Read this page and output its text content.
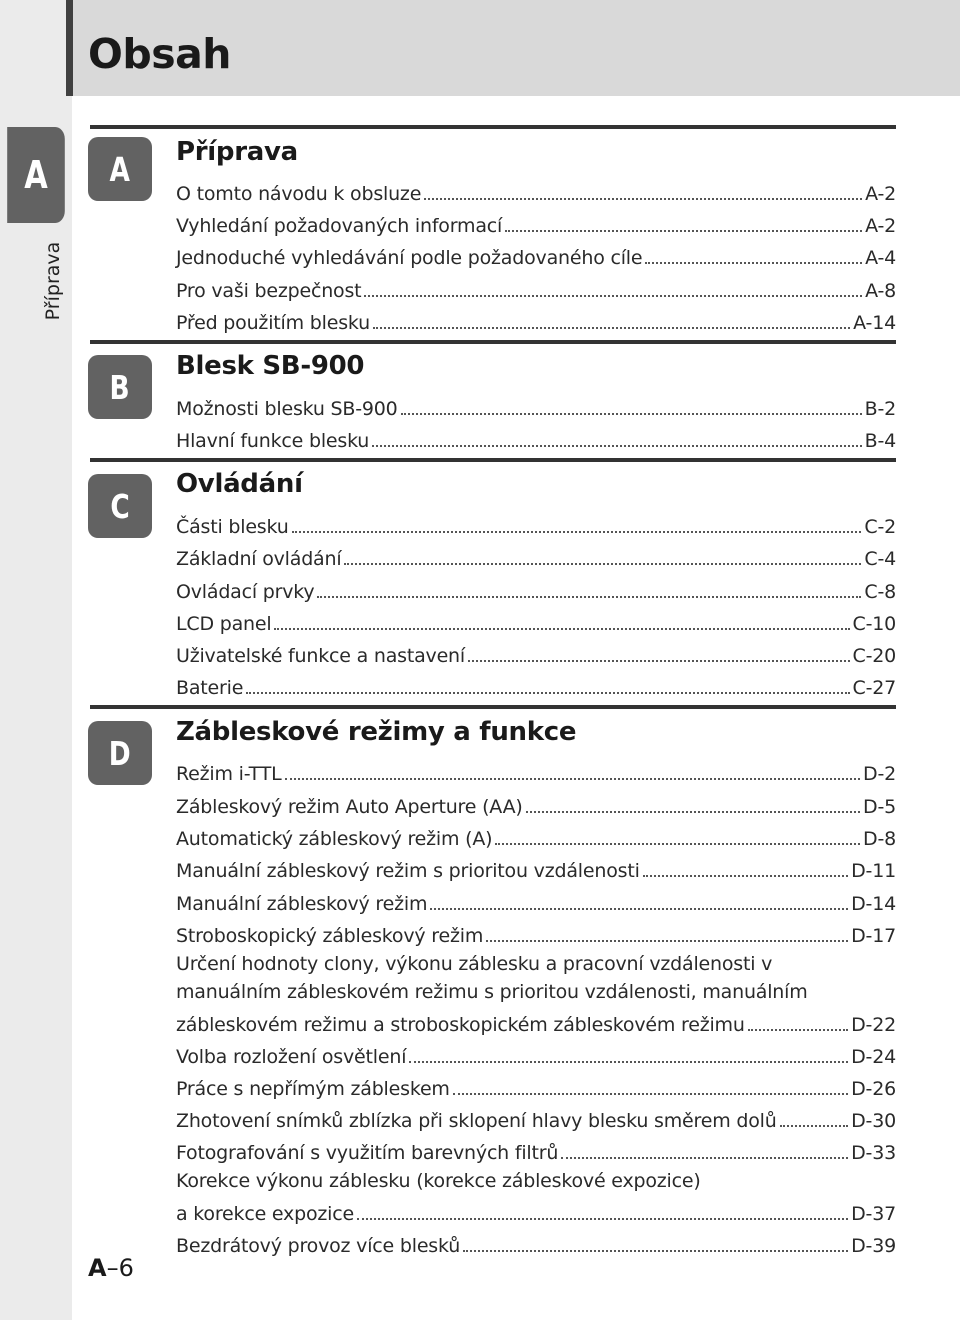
Obsah
A
Příprava
A Příprava
O tomto návodu k obsluze	A-2
Vyhledání požadovaných informací	A-2
Jednoduché vyhledávání podle požadovaného cíle	A-4
Pro vaši bezpečnost	A-8
Před použitím blesku	A-14
B
Blesk SB-900
Možnosti blesku SB-900	B-2
Hlavní funkce blesku	B-4
C
Ovládání
Části blesku	C-2
Základní ovládání	C-4
Ovládací prvky	C-8
LCD panel	C-10
Uživatelské funkce a nastavení	C-20
Baterie	C-27
D
Zábleskové režimy a funkce
Režim i-TTL	D-2
Zábleskový režim Auto Aperture (AA)	D-5
Automatický zábleskový režim (A)	D-8
Manuální zábleskový režim s prioritou vzdálenosti	D-11
Manuální zábleskový režim	D-14
Stroboskopický zábleskový režim	D-17
Určení hodnoty clony, výkonu záblesku a pracovní vzdálenosti v
manuálním zábleskovém režimu s prioritou vzdálenosti, manuálním
zábleskovém režimu a stroboskopickém zábleskovém režimu	D-22
Volba rozložení osvětlení	D-24
Práce s nepřímým zábleskem	D-26
Zhotovení snímků zblízka při sklopení hlavy blesku směrem dolů	D-30
Fotografování s využitím barevných filtrů	D-33
Korekce výkonu záblesku (korekce zábleskové expozice)
a korekce expozice	D-37
Bezdrátový provoz více blesků	D-39
A–6
